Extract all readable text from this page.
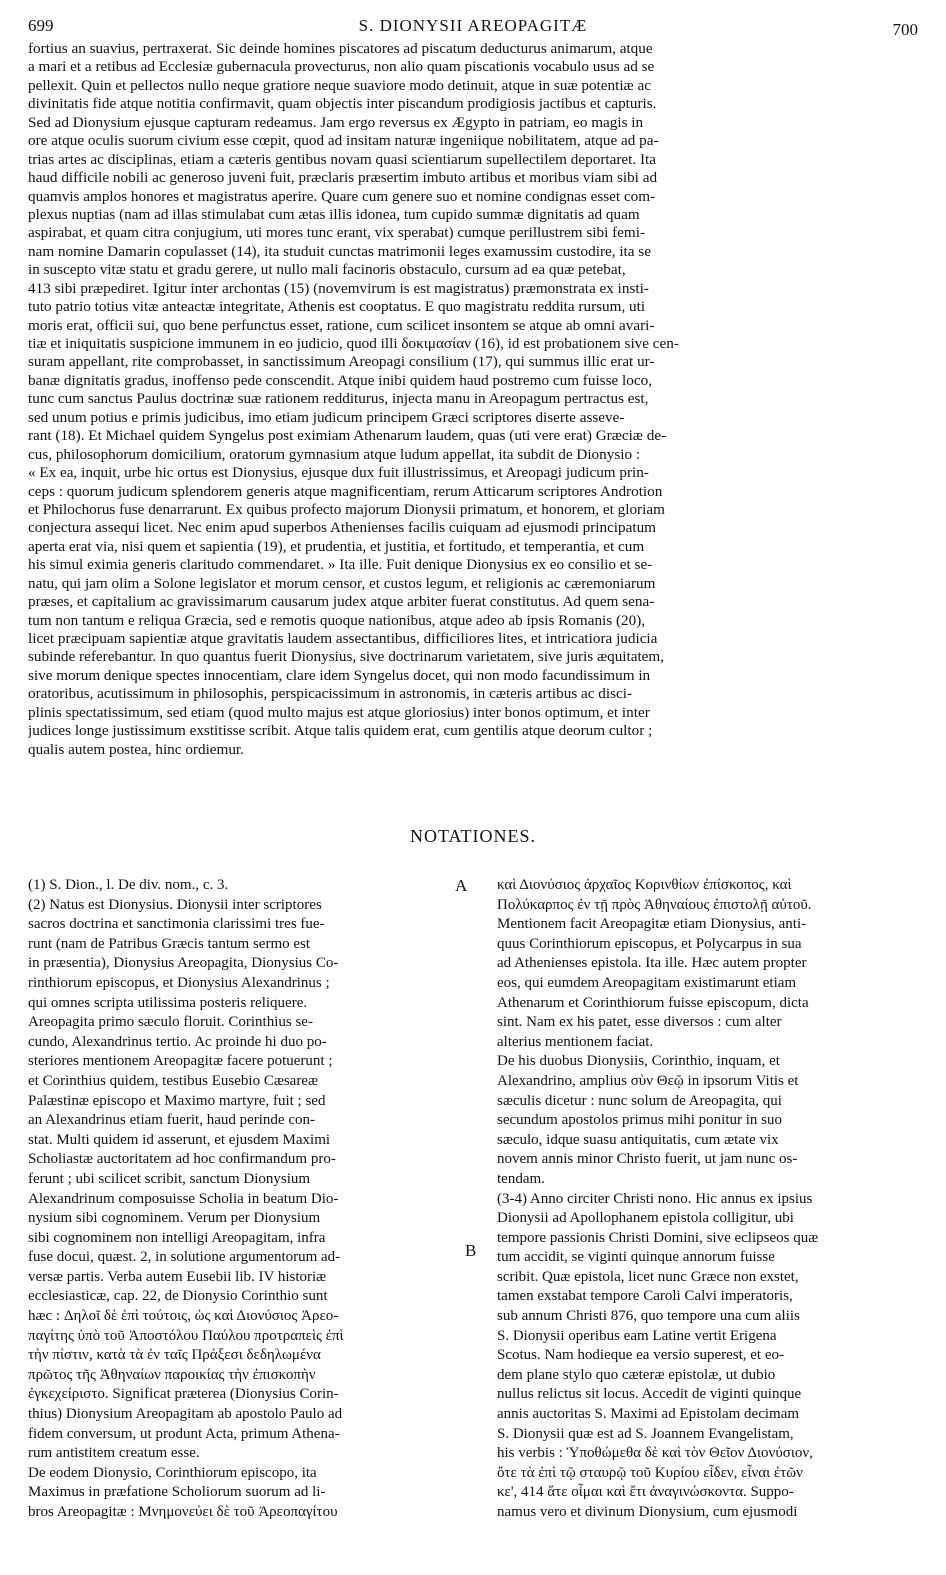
699	S. DIONYSII AREOPAGITÆ	700
fortius an suavius, pertraxerat. Sic deinde homines piscatores ad piscatum deducturus animarum, atque
a mari et a retibus ad Ecclesiæ gubernacula provecturus, non alio quam piscationis vocabulo usus ad se
pellexit. Quin et pellectos nullo neque gratiore neque suaviore modo detinuit, atque in suæ potentiæ ac
divinitatis fide atque notitia confirmavit, quam objectis inter piscandum prodigiosis jactibus et capturis.
Sed ad Dionysium ejusque capturam redeamus. Jam ergo reversus ex Ægypto in patriam, eo magis in
ore atque oculis suorum civium esse cœpit, quod ad insitam naturæ ingeniique nobilitatem, atque ad pa-
trias artes ac disciplinas, etiam a cæteris gentibus novam quasi scientiarum supellectilem deportaret. Ita
haud difficile nobili ac generoso juveni fuit, præclaris præsertim imbuto artibus et moribus viam sibi ad
quamvis amplos honores et magistratus aperire. Quare cum genere suo et nomine condignas esset com-
plexus nuptias (nam ad illas stimulabat cum ætas illis idonea, tum cupido summæ dignitatis ad quam
aspirabat, et quam citra conjugium, uti mores tunc erant, vix sperabat) cumque perillustrem sibi femi-
nam nomine Damarin copulasset (14), ita studuit cunctas matrimonii leges examussim custodire, ita se
in suscepto vitæ statu et gradu gerere, ut nullo mali facinoris obstaculo, cursum ad ea quæ petebat,
413 sibi præpediret. Igitur inter archontas (15) (novemvirum is est magistratus) præmonstrata ex insti-
tuto patrio totius vitæ anteactæ integritate, Athenis est cooptatus. E quo magistratu reddita rursum, uti
moris erat, officii sui, quo bene perfunctus esset, ratione, cum scilicet insontem se atque ab omni avari-
tiæ et iniquitatis suspicione immunem in eo judicio, quod illi δοκιμασίαν (16), id est probationem sive cen-
suram appellant, rite comprobasset, in sanctissimum Areopagi consilium (17), qui summus illic erat ur-
banæ dignitatis gradus, inoffenso pede conscendit. Atque inibi quidem haud postremo cum fuisse loco,
tunc cum sanctus Paulus doctrinæ suæ rationem redditurus, injecta manu in Areopagum pertractus est,
sed unum potius e primis judicibus, imo etiam judicum principem Græci scriptores diserte asseve-
rant (18). Et Michael quidem Syngelus post eximiam Athenarum laudem, quas (uti vere erat) Græciæ de-
cus, philosophorum domicilium, oratorum gymnasium atque ludum appellat, ita subdit de Dionysio :
« Ex ea, inquit, urbe hic ortus est Dionysius, ejusque dux fuit illustrissimus, et Areopagi judicum prin-
ceps : quorum judicum splendorem generis atque magnificentiam, rerum Atticarum scriptores Androtion
et Philochorus fuse denarrarunt. Ex quibus profecto majorum Dionysii primatum, et honorem, et gloriam
conjectura assequi licet. Nec enim apud superbos Athenienses facilis cuiquam ad ejusmodi principatum
aperta erat via, nisi quem et sapientia (19), et prudentia, et justitia, et fortitudo, et temperantia, et cum
his simul eximia generis claritudo commendaret. » Ita ille. Fuit denique Dionysius ex eo consilio et se-
natu, qui jam olim a Solone legislator et morum censor, et custos legum, et religionis ac cæremoniarum
præses, et capitalium ac gravissimarum causarum judex atque arbiter fuerat constitutus. Ad quem sena-
tum non tantum e reliqua Græcia, sed e remotis quoque nationibus, atque adeo ab ipsis Romanis (20),
licet præcipuam sapientiæ atque gravitatis laudem assectantibus, difficiliores lites, et intricatiora judicia
subinde referebantur. In quo quantus fuerit Dionysius, sive doctrinarum varietatem, sive juris æquitatem,
sive morum denique spectes innocentiam, clare idem Syngelus docet, qui non modo facundissimum in
oratoribus, acutissimum in philosophis, perspicacissimum in astronomis, in cæteris artibus ac disci-
plinis spectatissimum, sed etiam (quod multo majus est atque gloriosius) inter bonos optimum, et inter
judices longe justissimum exstitisse scribit. Atque talis quidem erat, cum gentilis atque deorum cultor ;
qualis autem postea, hinc ordiemur.
NOTATIONES.
(1) S. Dion., l. De div. nom., c. 3.
(2) Natus est Dionysius. Dionysii inter scriptores
sacros doctrina et sanctimonia clarissimi tres fue-
runt (nam de Patribus Græcis tantum sermo est
in præsentia), Dionysius Areopagita, Dionysius Co-
rinthiorum episcopus, et Dionysius Alexandrinus ;
qui omnes scripta utilissima posteris reliquere.
Areopagita primo sæculo floruit. Corinthius se-
cundo, Alexandrinus tertio. Ac proinde hi duo po-
steriores mentionem Areopagitæ facere potuerunt ;
et Corinthius quidem, testibus Eusebio Cæsareæ
Palæstinæ episcopo et Maximo martyre, fuit ; sed
an Alexandrinus etiam fuerit, haud perinde con-
stat. Multi quidem id asserunt, et ejusdem Maximi
Scholiastæ auctoritatem ad hoc confirmandum pro-
ferunt ; ubi scilicet scribit, sanctum Dionysium
Alexandrinum composuisse Scholia in beatum Dio-
nysium sibi cognominem. Verum per Dionysium
sibi cognominem non intelligi Areopagitam, infra
fuse docui, quæst. 2, in solutione argumentorum ad-
versæ partis. Verba autem Eusebii lib. IV historiæ
ecclesiasticæ, cap. 22, de Dionysio Corinthio sunt
hæc : Δηλοῖ δὲ ἐπὶ τούτοις, ὡς καὶ Διονύσιος Ἀρεο-
παγίτης ὑπὸ τοῦ Ἀποστόλου Παύλου προτραπεὶς ἐπὶ
τὴν πίστιν, κατὰ τὰ ἐν ταῖς Πράξεσι δεδηλωμένα
πρῶτος τῆς Ἀθηναίων παροικίας τὴν ἐπισκοπὴν
ἐγκεχείριστο. Significat præterea (Dionysius Corin-
thius) Dionysium Areopagitam ab apostolo Paulo ad
fidem conversum, ut produnt Acta, primum Athena-
rum antistitem creatum esse.
De eodem Dionysio, Corinthiorum episcopo, ita
Maximus in præfatione Scholiorum suorum ad li-
bros Areopagitæ : Μνημονεύει δὲ τοῦ Ἀρεοπαγίτου
A
B
καὶ Διονύσιος ἀρχαῖος Κορινθίων ἐπίσκοπος, καὶ
Πολύκαρπος ἐν τῇ πρὸς Ἀθηναίους ἐπιστολῇ αὐτοῦ.
Mentionem facit Areopagitæ etiam Dionysius, anti-
quus Corinthiorum episcopus, et Polycarpus in sua
ad Athenienses epistola. Ita ille. Hæc autem propter
eos, qui eumdem Areopagitam existimarunt etiam
Athenarum et Corinthiorum fuisse episcopum, dicta
sint. Nam ex his patet, esse diversos : cum alter
alterius mentionem faciat.
De his duobus Dionysiis, Corinthio, inquam, et
Alexandrino, amplius σὺν Θεῷ in ipsorum Vitis et
sæculis dicetur : nunc solum de Areopagita, qui
secundum apostolos primus mihi ponitur in suo
sæculo, idque suasu antiquitatis, cum ætate vix
novem annis minor Christo fuerit, ut jam nunc os-
tendam.
(3-4) Anno circiter Christi nono. Hic annus ex ipsius
Dionysii ad Apollophanem epistola colligitur, ubi
tempore passionis Christi Domini, sive eclipseos quæ
tum accidit, se viginti quinque annorum fuisse
scribit. Quæ epistola, licet nunc Græce non exstet,
tamen exstabat tempore Caroli Calvi imperatoris,
sub annum Christi 876, quo tempore una cum aliis
S. Dionysii operibus eam Latine vertit Erigena
Scotus. Nam hodieque ea versio superest, et eo-
dem plane stylo quo cæteræ epistolæ, ut dubio
nullus relictus sit locus. Accedit de viginti quinque
annis auctoritas S. Maximi ad Epistolam decimam
S. Dionysii quæ est ad S. Joannem Evangelistam,
his verbis : Ὑποθώμεθα δὲ καὶ τὸν Θεῖον Διονύσιον,
ὅτε τὰ ἐπὶ τῷ σταυρῷ τοῦ Κυρίου εἶδεν, εἶναι ἐτῶν
κε', 414 ἅτε οἶμαι καὶ ἔτι ἀναγινώσκοντα. Suppo-
namus vero et divinum Dionysium, cum ejusmodi
